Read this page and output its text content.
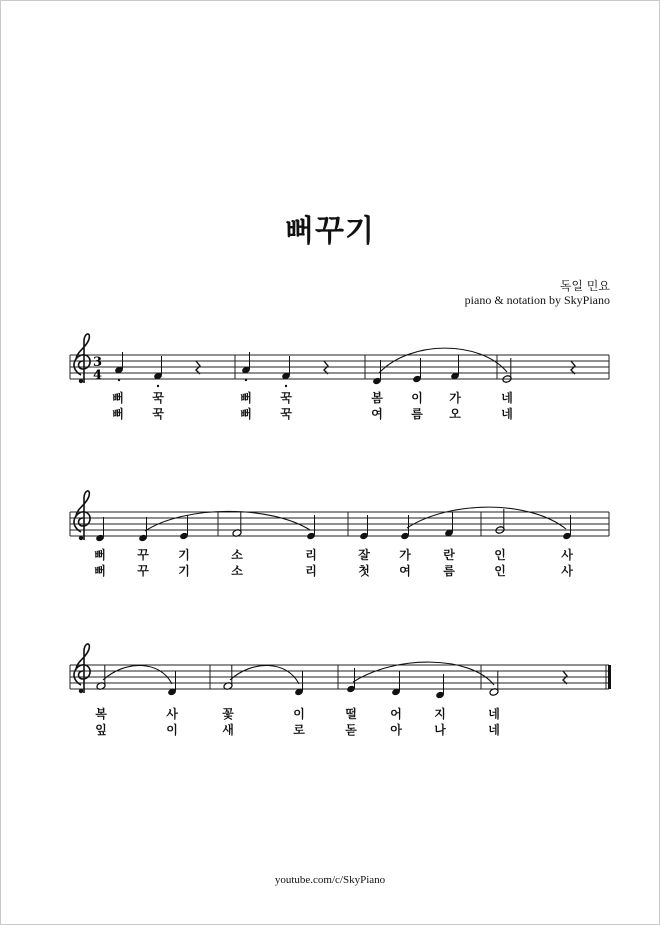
뻐꾸기
독일 민요
piano & notation by SkyPiano
3
4
뻐 꾹	뻐 꾹	봄 이 가	네
뻐 꾹	뻐 꾹	여 름 오	네
뻐	꾸 기	소	리	잘 가	란	인	사
뻐	꾸 기	소	리	첫 여	름	인	사
복	사	꽃	이	떨	어	지	네
잎	이	새	로	돋	아	나	네
youtube.com/c/SkyPiano
